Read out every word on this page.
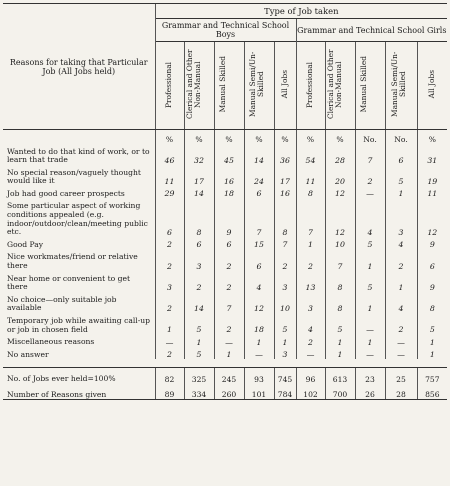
Reasons for taking that Particular Job (All Jobs held)	Type of Job taken									
	Grammar and Technical School Boys					Grammar and Technical School Girls				
	Professional	Clerical and Other Non-Manual	Manual Skilled	Manual Semi/Un-Skilled	All Jobs	Professional	Clerical and Other Non-Manual	Manual Skilled	Manual Semi/Un-Skilled	All Jobs
	%	%	%	%	%	%	%	No.	No.	%
Wanted to do that kind of work, or to learn that trade	46	32	45	14	36	54	28	7	6	31
No special reason/vaguely thought would like it	11	17	16	24	17	11	20	2	5	19
Job had good career prospects	29	14	18	6	16	8	12	—	1	11
Some particular aspect of working conditions appealed (e.g. indoor/outdoor/clean/meeting public etc.	6	8	9	7	8	7	12	4	3	12
Good Pay	2	6	6	15	7	1	10	5	4	9
Nice workmates/friend or relative there	2	3	2	6	2	2	7	1	2	6
Near home or convenient to get there	3	2	2	4	3	13	8	5	1	9
No choice—only suitable job available	2	14	7	12	10	3	8	1	4	8
Temporary job while awaiting call-up or job in chosen field	1	5	2	18	5	4	5	—	2	5
Miscellaneous reasons	—	1	—	1	1	2	1	1	—	1
No answer	2	5	1	—	3	—	1	—	—	1

No. of Jobs ever held=100%	82	325	245	93	745	96	613	23	25	757
Number of Reasons given	89	334	260	101	784	102	700	26	28	856
